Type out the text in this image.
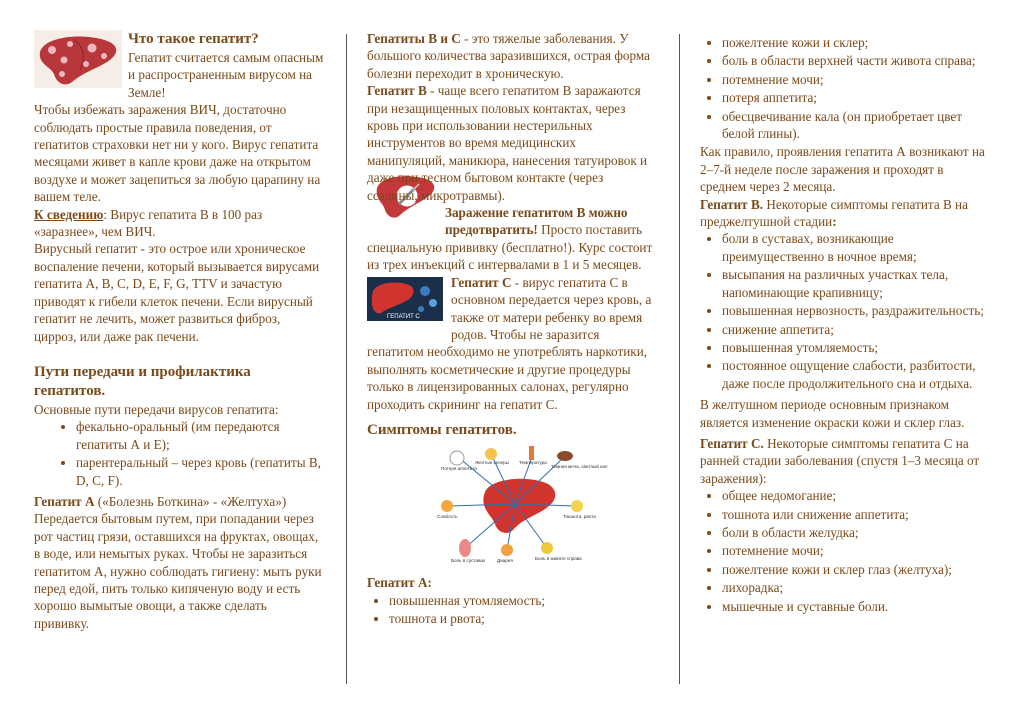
Что такое гепатит?

Гепатит считается самым опасным и распространенным вирусом на Земле!

Чтобы избежать заражения ВИЧ, достаточно соблюдать простые правила поведения, от гепатитов страховки нет ни у кого. Вирус гепатита месяцами живет в капле крови даже на открытом воздухе и может зацепиться за любую царапину на вашем теле.

К сведению: Вирус гепатита В в 100 раз «заразнее», чем ВИЧ.

Вирусный гепатит - это острое или хроническое воспаление печени, который вызывается вирусами гепатита A, B, C, D, E, F, G, TTV и зачастую приводят к гибели клеток печени. Если вирусный гепатит не лечить, может развиться фиброз, цирроз, или даже рак печени.

Пути передачи и профилактика гепатитов.

Основные пути передачи вирусов гепатита:

• фекально-оральный (им передаются гепатиты А и Е);
• парентеральный – через кровь (гепатиты В, D, C, F).

Гепатит А («Болезнь Боткина» - «Желтуха») Передается бытовым путем, при попадании через рот частиц грязи, оставшихся на фруктах, овощах, в воде, или немытых руках. Чтобы не заразиться гепатитом А, нужно соблюдать гигиену: мыть руки перед едой, пить только кипяченую воду и есть хорошо вымытые овощи, а также сделать прививку.

Гепатиты В и С - это тяжелые заболевания. У большого количества заразившихся, острая форма болезни переходит в хроническую.

Гепатит В - чаще всего гепатитом В заражаются при незащищенных половых контактах, через кровь при использовании нестерильных инструментов во время медицинских манипуляций, маникюра, нанесения татуировок и даже при тесном бытовом контакте (через ссадины, микротравмы).

Заражение гепатитом В можно предотвратить! Просто поставить специальную прививку (бесплатно!). Курс состоит из трех инъекций с интервалами в 1 и 5 месяцев.

ГЕПАТИТ С

Гепатит С - вирус гепатита С в основном передается через кровь, а также от матери ребенку во время родов. Чтобы не заразится гепатитом необходимо не употреблять наркотики, выполнять косметические и другие процедуры только в лицензированных салонах, регулярно проходить скрининг на гепатит С.

Симптомы гепатитов.

Потеря аппетита
Желтые склеры Температура
Темная моча, светлый кал
Слабость	Тошнота, рвота
Боль в суставах	Диарея	Боль в животе справа

Гепатит А:

• повышенная утомляемость;
• тошнота и рвота;
• пожелтение кожи и склер;
• боль в области верхней части живота справа;
• потемнение мочи;
• потеря аппетита;
• обесцвечивание кала (он приобретает цвет белой глины).

Как правило, проявления гепатита А возникают на 2–7-й неделе после заражения и проходят в среднем через 2 месяца.

Гепатит В. Некоторые симптомы гепатита В на преджелтушной стадии:

• боли в суставах, возникающие преимущественно в ночное время;
• высыпания на различных участках тела, напоминающие крапивницу;
• повышенная нервозность, раздражительность;
• снижение аппетита;
• повышенная утомляемость;
• постоянное ощущение слабости, разбитости, даже после продолжительного сна и отдыха.

В желтушном периоде основным признаком является изменение окраски кожи и склер глаз.

Гепатит С. Некоторые симптомы гепатита С на ранней стадии заболевания (спустя 1–3 месяца от заражения):

• общее недомогание;
• тошнота или снижение аппетита;
• боли в области желудка;
• потемнение мочи;
• пожелтение кожи и склер глаз (желтуха);
• лихорадка;
• мышечные и суставные боли.
